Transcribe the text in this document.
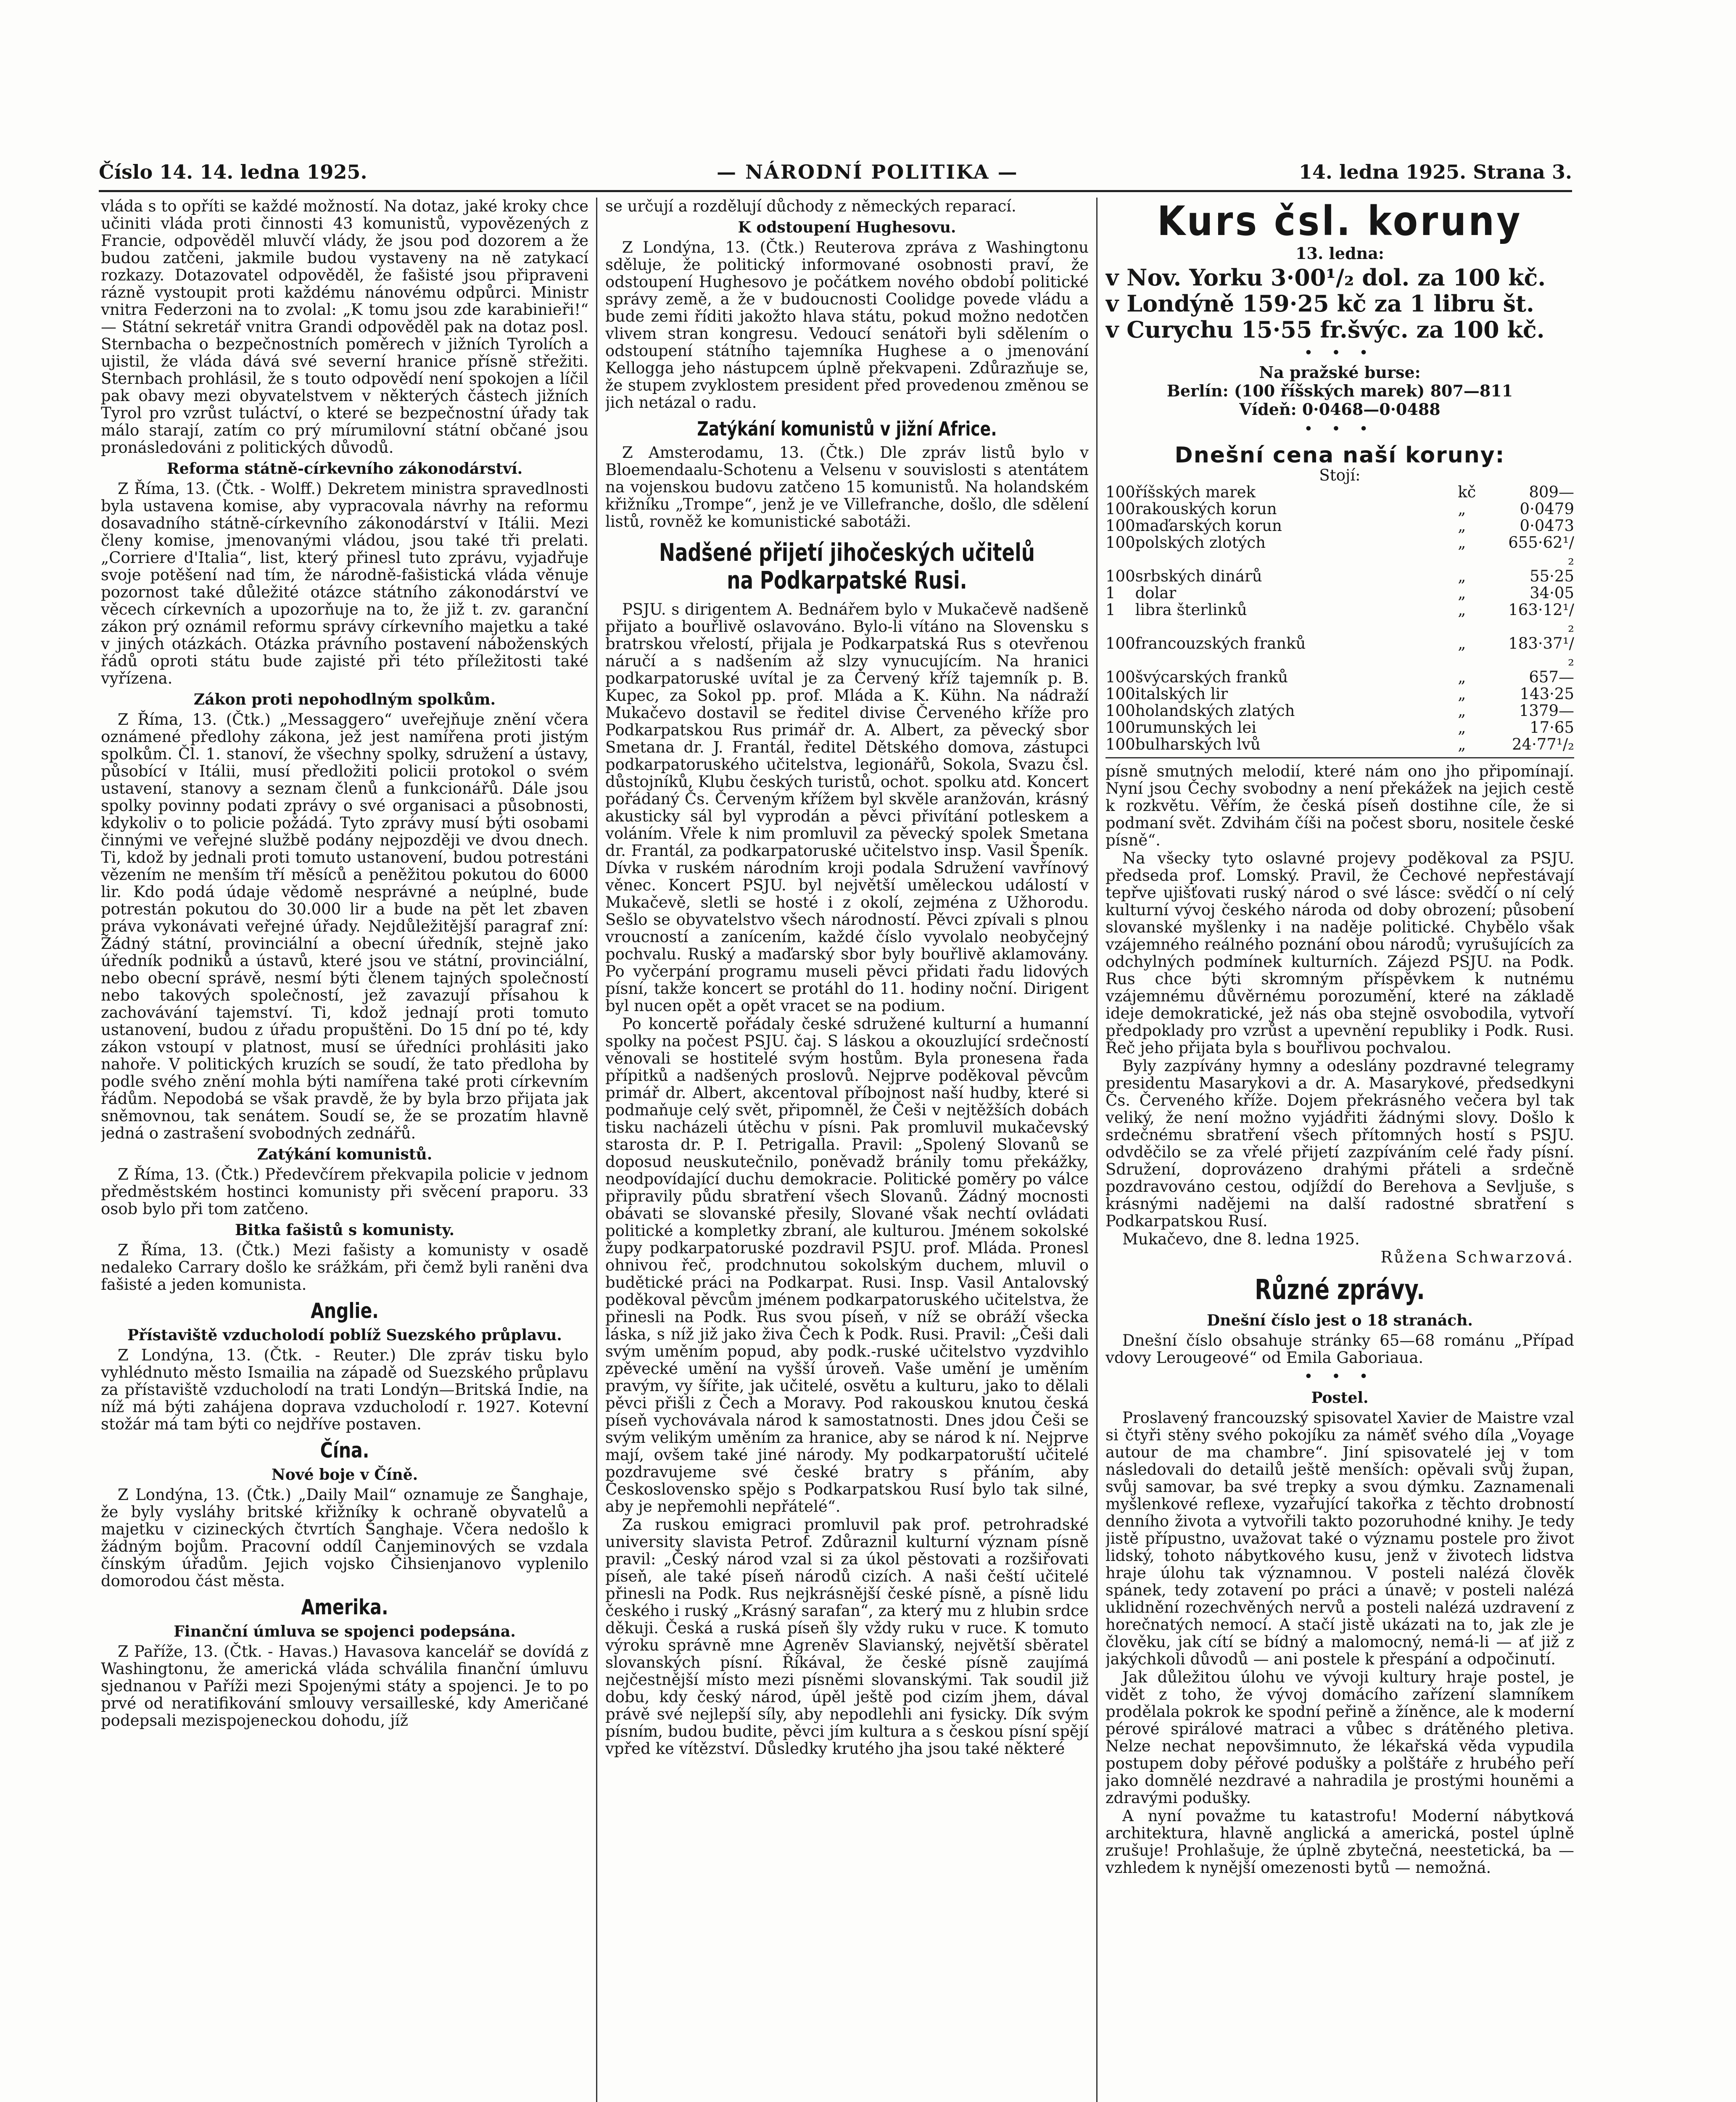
Číslo 14. 14. ledna 1925.	— NÁRODNÍ POLITIKA —	14. ledna 1925. Strana 3.

vláda s to opříti se každé možností. Na dotaz, jaké kroky chce učiniti vláda proti činnosti 43 komunistů, vypovězených z Francie, odpověděl mluvčí vlády, že jsou pod dozorem a že budou zatčeni, jakmile budou vystaveny na ně zatykací rozkazy. Dotazovatel odpověděl, že fašisté jsou připraveni rázně vystoupit proti každému nánovému odpůrci. Ministr vnitra Federzoni na to zvolal: „K tomu jsou zde karabinieři!“ — Státní sekretář vnitra Grandi odpověděl pak na dotaz posl. Sternbacha o bezpečnostních poměrech v jižních Tyrolích a ujistil, že vláda dává své severní hranice přísně střežiti. Sternbach prohlásil, že s touto odpovědí není spokojen a líčil pak obavy mezi obyvatelstvem v některých částech jižních Tyrol pro vzrůst tuláctví, o které se bezpečnostní úřady tak málo starají, zatím co prý mírumilovní státní občané jsou pronásledováni z politických důvodů.

Reforma státně-církevního zákonodárství.

Z Říma, 13. (Čtk. - Wolff.) Dekretem ministra spravedlnosti byla ustavena komise, aby vypracovala návrhy na reformu dosavadního státně-církevního zákonodárství v Itálii. Mezi členy komise, jmenovanými vládou, jsou také tři prelati. „Corriere d'Italia“, list, který přinesl tuto zprávu, vyjadřuje svoje potěšení nad tím, že národně-fašistická vláda věnuje pozornost také důležité otázce státního zákonodárství ve věcech církevních a upozorňuje na to, že již t. zv. garanční zákon prý oznámil reformu správy církevního majetku a také v jiných otázkách. Otázka právního postavení náboženských řádů oproti státu bude zajisté při této příležitosti také vyřízena.

Zákon proti nepohodlným spolkům.

Z Říma, 13. (Čtk.) „Messaggero“ uveřejňuje znění včera oznámené předlohy zákona, jež jest namířena proti jistým spolkům. Čl. 1. stanoví, že všechny spolky, sdružení a ústavy, působící v Itálii, musí předložiti policii protokol o svém ustavení, stanovy a seznam členů a funkcionářů. Dále jsou spolky povinny podati zprávy o své organisaci a působnosti, kdykoliv o to policie požádá. Tyto zprávy musí býti osobami činnými ve veřejné službě podány nejpozději ve dvou dnech. Ti, kdož by jednali proti tomuto ustanovení, budou potrestáni vězením ne menším tří měsíců a peněžitou pokutou do 6000 lir. Kdo podá údaje vědomě nesprávné a neúplné, bude potrestán pokutou do 30.000 lir a bude na pět let zbaven práva vykonávati veřejné úřady. Nejdůležitější paragraf zní: Žádný státní, provinciální a obecní úředník, stejně jako úředník podniků a ústavů, které jsou ve státní, provinciální, nebo obecní správě, nesmí býti členem tajných společností nebo takových společností, jež zavazují přísahou k zachovávání tajemství. Ti, kdož jednají proti tomuto ustanovení, budou z úřadu propuštěni. Do 15 dní po té, kdy zákon vstoupí v platnost, musí se úředníci prohlásiti jako nahoře. V politických kruzích se soudí, že tato předloha by podle svého znění mohla býti namířena také proti církevním řádům. Nepodobá se však pravdě, že by byla brzo přijata jak sněmovnou, tak senátem. Soudí se, že se prozatím hlavně jedná o zastrašení svobodných zednářů.

Zatýkání komunistů.

Z Říma, 13. (Čtk.) Předevčírem překvapila policie v jednom předměstském hostinci komunisty při svěcení praporu. 33 osob bylo při tom zatčeno.

Bitka fašistů s komunisty.

Z Říma, 13. (Čtk.) Mezi fašisty a komunisty v osadě nedaleko Carrary došlo ke srážkám, při čemž byli raněni dva fašisté a jeden komunista.

Anglie.
Přístaviště vzducholodí poblíž Suezského průplavu.

Z Londýna, 13. (Čtk. - Reuter.) Dle zpráv tisku bylo vyhlédnuto město Ismailia na západě od Suezského průplavu za přístaviště vzducholodí na trati Londýn—Britská Indie, na níž má býti zahájena doprava vzducholodí r. 1927. Kotevní stožár má tam býti co nejdříve postaven.

Čína.
Nové boje v Číně.

Z Londýna, 13. (Čtk.) „Daily Mail“ oznamuje ze Šanghaje, že byly vysláhy britské křižníky k ochraně obyvatelů a majetku v cizineckých čtvrtích Šanghaje. Včera nedošlo k žádným bojům. Pracovní oddíl Čanjeminových se vzdala čínským úřadům. Jejich vojsko Čihsienjanovo vyplenilo domorodou část města.

Amerika.
Finanční úmluva se spojenci podepsána.

Z Paříže, 13. (Čtk. - Havas.) Havasova kancelář se dovídá z Washingtonu, že americká vláda schválila finanční úmluvu sjednanou v Paříži mezi Spojenými státy a spojenci. Je to po prvé od neratifikování smlouvy versailleské, kdy Američané podepsali mezispojeneckou dohodu, jíž

se určují a rozdělují důchody z německých reparací.

K odstoupení Hughesovu.

Z Londýna, 13. (Čtk.) Reuterova zpráva z Washingtonu sděluje, že politický informované osobnosti praví, že odstoupení Hughesovo je počátkem nového období politické správy země, a že v budoucnosti Coolidge povede vládu a bude zemi říditi jakožto hlava státu, pokud možno nedotčen vlivem stran kongresu. Vedoucí senátoři byli sdělením o odstoupení státního tajemníka Hughese a o jmenování Kellogga jeho nástupcem úplně překvapeni. Zdůrazňuje se, že stupem zvyklostem president před provedenou změnou se jich netázal o radu.

Zatýkání komunistů v jižní Africe.

Z Amsterodamu, 13. (Čtk.) Dle zpráv listů bylo v Bloemendaalu-Schotenu a Velsenu v souvislosti s atentátem na vojenskou budovu zatčeno 15 komunistů. Na holandském křižníku „Trompe“, jenž je ve Villefranche, došlo, dle sdělení listů, rovněž ke komunistické sabotáži.

Nadšené přijetí jihočeských učitelů na Podkarpatské Rusi.

PSJU. s dirigentem A. Bednářem bylo v Mukačevě nadšeně přijato a bouřlivě oslavováno. Bylo-li vítáno na Slovensku s bratrskou vřelostí, přijala je Podkarpatská Rus s otevřenou náručí a s nadšením až slzy vynucujícím. Na hranici podkarpatoruské uvítal je za Červený kříž tajemník p. B. Kupec, za Sokol pp. prof. Mláda a K. Kühn. Na nádraží Mukačevo dostavil se ředitel divise Červeného kříže pro Podkarpatskou Rus primář dr. A. Albert, za pěvecký sbor Smetana dr. J. Frantál, ředitel Dětského domova, zástupci podkarpatoruského učitelstva, legionářů, Sokola, Svazu čsl. důstojníků, Klubu českých turistů, ochot. spolku atd. Koncert pořádaný Čs. Červeným křížem byl skvěle aranžován, krásný akusticky sál byl vyprodán a pěvci přivítání potleskem a voláním. Vřele k nim promluvil za pěvecký spolek Smetana dr. Frantál, za podkarpatoruské učitelstvo insp. Vasil Špeník. Dívka v ruském národním kroji podala Sdružení vavřínový věnec. Koncert PSJU. byl největší uměleckou událostí v Mukačevě, sletli se hosté i z okolí, zejména z Užhorodu. Sešlo se obyvatelstvo všech národností. Pěvci zpívali s plnou vroucností a zanícením, každé číslo vyvolalo neobyčejný pochvalu. Ruský a maďarský sbor byly bouřlivě aklamovány. Po vyčerpání programu museli pěvci přidati řadu lidových písní, takže koncert se protáhl do 11. hodiny noční. Dirigent byl nucen opět a opět vracet se na podium.

Po koncertě pořádaly české sdružené kulturní a humanní spolky na počest PSJU. čaj. S láskou a okouzlující srdečností věnovali se hostitelé svým hostům. Byla pronesena řada přípitků a nadšených proslovů. Nejprve poděkoval pěvcům primář dr. Albert, akcentoval příbojnost naší hudby, které si podmaňuje celý svět, připomněl, že Češi v nejtěžších dobách tisku nacházeli útěchu v písni. Pak promluvil mukačevský starosta dr. P. I. Petrigalla. Pravil: „Spolený Slovanů se doposud neuskutečnilo, poněvadž bránily tomu překážky, neodpovídající duchu demokracie. Politické poměry po válce připravily půdu sbratření všech Slovanů. Žádný mocnosti obávati se slovanské přesily, Slované však nechtí ovládati politické a kompletky zbraní, ale kulturou. Jménem sokolské župy podkarpatoruské pozdravil PSJU. prof. Mláda. Pronesl ohnivou řeč, prodchnutou sokolským duchem, mluvil o budětické práci na Podkarpat. Rusi. Insp. Vasil Antalovský poděkoval pěvcům jménem podkarpatoruského učitelstva, že přinesli na Podk. Rus svou píseň, v níž se obráží všecka láska, s níž již jako živa Čech k Podk. Rusi. Pravil: „Češi dali svým uměním popud, aby podk.-ruské učitelstvo vyzdvihlo zpěvecké umění na vyšší úroveň. Vaše umění je uměním pravým, vy šířite, jak učitelé, osvětu a kulturu, jako to dělali pěvci přišli z Čech a Moravy. Pod rakouskou knutou česká píseň vychovávala národ k samostatnosti. Dnes jdou Češi se svým velikým uměním za hranice, aby se národ k ní. Nejprve mají, ovšem také jiné národy. My podkarpatoruští učitelé pozdravujeme své české bratry s přáním, aby Československo spějo s Podkarpatskou Rusí bylo tak silné, aby je nepřemohli nepřátelé“.

Za ruskou emigraci promluvil pak prof. petrohradské university slavista Petrof. Zdůraznil kulturní význam písně pravil: „Český národ vzal si za úkol pěstovati a rozšiřovati píseň, ale také píseň národů cizích. A naši čeští učitelé přinesli na Podk. Rus nejkrásnější české písně, a písně lidu českého i ruský „Krásný sarafan“, za který mu z hlubin srdce děkuji. Česká a ruská píseň šly vždy ruku v ruce. K tomuto výroku správně mne Agreněv Slavianský, největší sběratel slovanských písní. Říkával, že české písně zaujímá nejčestnější místo mezi písněmi slovanskými. Tak soudil již dobu, kdy český národ, úpěl ještě pod cizím jhem, dával právě své nejlepší síly, aby nepodlehli ani fysicky. Dík svým písním, budou budite, pěvci jím kultura a s českou písní spějí vpřed ke vítězství. Důsledky krutého jha jsou také některé

Kurs čsl. koruny
13. ledna:
v Nov. Yorku 3·00¹/₂ dol. za 100 kč.
v Londýně 159·25 kč za 1 libru št.
v Curychu 15·55 fr.švýc. za 100 kč.
• • •
Na pražské burse:
Berlín: (100 říšských marek) 807—811
Vídeň: 0·0468—0·0488
• • •
Dnešní cena naší koruny:
Stojí:
100	říšských marek	kč	809—
100	rakouských korun	„	0·0479
100	maďarských korun	„	0·0473
100	polských zlotých	„	655·62¹/₂
100	srbských dinárů	„	55·25
1	dolar	„	34·05
1	libra šterlinků	„	163·12¹/₂
100	francouzských franků	„	183·37¹/₂
100	švýcarských franků	„	657—
100	italských lir	„	143·25
100	holandských zlatých	„	1379—
100	rumunských lei	„	17·65
100	bulharských lvů	„	24·77¹/₂

písně smutných melodií, které nám ono jho připomínají. Nyní jsou Čechy svobodny a není překážek na jejich cestě k rozkvětu. Věřím, že česká píseň dostihne cíle, že si podmaní svět. Zdvihám číši na počest sboru, nositele české písně“.

Na všecky tyto oslavné projevy poděkoval za PSJU. předseda prof. Lomský. Pravil, že Čechové nepřestávají tepřve ujišťovati ruský národ o své lásce: svědčí o ní celý kulturní vývoj českého národa od doby obrození; působení slovanské myšlenky i na naděje politické. Chybělo však vzájemného reálného poznání obou národů; vyrušujících za odchylných podmínek kulturních. Zájezd PSJU. na Podk. Rus chce býti skromným příspěvkem k nutnému vzájemnému důvěrnému porozumění, které na základě ideje demokratické, jež nás oba stejně osvobodila, vytvoří předpoklady pro vzrůst a upevnění republiky i Podk. Rusi. Řeč jeho přijata byla s bouřlivou pochvalou.

Byly zazpívány hymny a odeslány pozdravné telegramy presidentu Masarykovi a dr. A. Masarykové, předsedkyni Čs. Červeného kříže. Dojem překrásného večera byl tak veliký, že není možno vyjádřiti žádnými slovy. Došlo k srdečnému sbratření všech přítomných hostí s PSJU. odvděčilo se za vřelé přijetí zazpíváním celé řady písní. Sdružení, doprovázeno drahými přáteli a srdečně pozdravováno cestou, odjíždí do Berehova a Sevljuše, s krásnými nadějemi na další radostné sbratření s Podkarpatskou Rusí.

Mukačevo, dne 8. ledna 1925.

Růžena Schwarzová.
Různé zprávy.
Dnešní číslo jest o 18 stranách.

Dnešní číslo obsahuje stránky 65—68 románu „Případ vdovy Lerougeové“ od Emila Gaboriaua.

• • •
Postel.

Proslavený francouzský spisovatel Xavier de Maistre vzal si čtyři stěny svého pokojíku za náměť svého díla „Voyage autour de ma chambre“. Jiní spisovatelé jej v tom následovali do detailů ještě menších: opěvali svůj župan, svůj samovar, ba své trepky a svou dýmku. Zaznamenali myšlenkové reflexe, vyzařující takořka z těchto drobností denního života a vytvořili takto pozoruhodné knihy. Je tedy jistě přípustno, uvažovat také o významu postele pro život lidský, tohoto nábytkového kusu, jenž v životech lidstva hraje úlohu tak významnou. V posteli nalézá člověk spánek, tedy zotavení po práci a únavě; v posteli nalézá uklidnění rozechvěných nervů a posteli nalézá uzdravení z horečnatých nemocí. A stačí jistě ukázati na to, jak zle je člověku, jak cítí se bídný a malomocný, nemá-li — ať již z jakýchkoli důvodů — ani postele k přespání a odpočinutí.

Jak důležitou úlohu ve vývoji kultury hraje postel, je vidět z toho, že vývoj domácího zařízení slamníkem prodělala pokrok ke spodní peřině a žíněnce, ale k moderní pérové spirálové matraci a vůbec s drátěného pletiva. Nelze nechat nepovšimnuto, že lékařská věda vypudila postupem doby péřové podušky a polštáře z hrubého peří jako domnělé nezdravé a nahradila je prostými houněmi a zdravými podušky.

A nyní považme tu katastrofu! Moderní nábytková architektura, hlavně anglická a americká, postel úplně zrušuje! Prohlašuje, že úplně zbytečná, neestetická, ba — vzhledem k nynější omezenosti bytů — nemožná.
